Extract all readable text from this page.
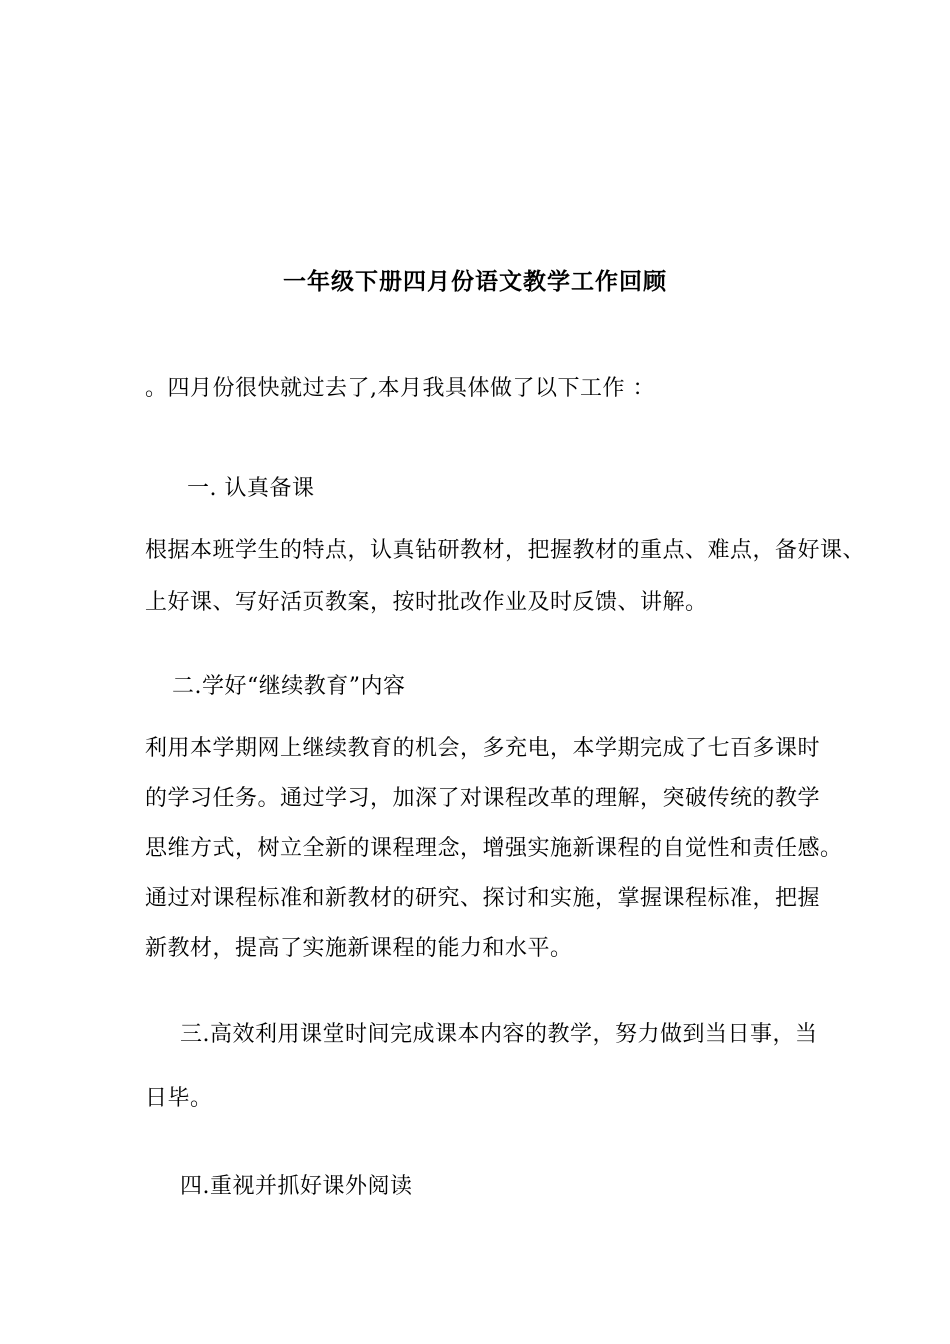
一年级下册四月份语文教学工作回顾
。四月份很快就过去了,本月我具体做了以下工作 ：
一. 认真备课
根据本班学生的特点，认真钻研教材，把握教材的重点、难点，备好课、
上好课、写好活页教案，按时批改作业及时反馈、讲解。
二.学好“继续教育”内容
利用本学期网上继续教育的机会，多充电，本学期完成了七百多课时
的学习任务。通过学习，加深了对课程改革的理解，突破传统的教学
思维方式，树立全新的课程理念，增强实施新课程的自觉性和责任感。
通过对课程标准和新教材的研究、探讨和实施，掌握课程标准，把握
新教材，提高了实施新课程的能力和水平。
三.高效利用课堂时间完成课本内容的教学，努力做到当日事，当
日毕。
四.重视并抓好课外阅读
